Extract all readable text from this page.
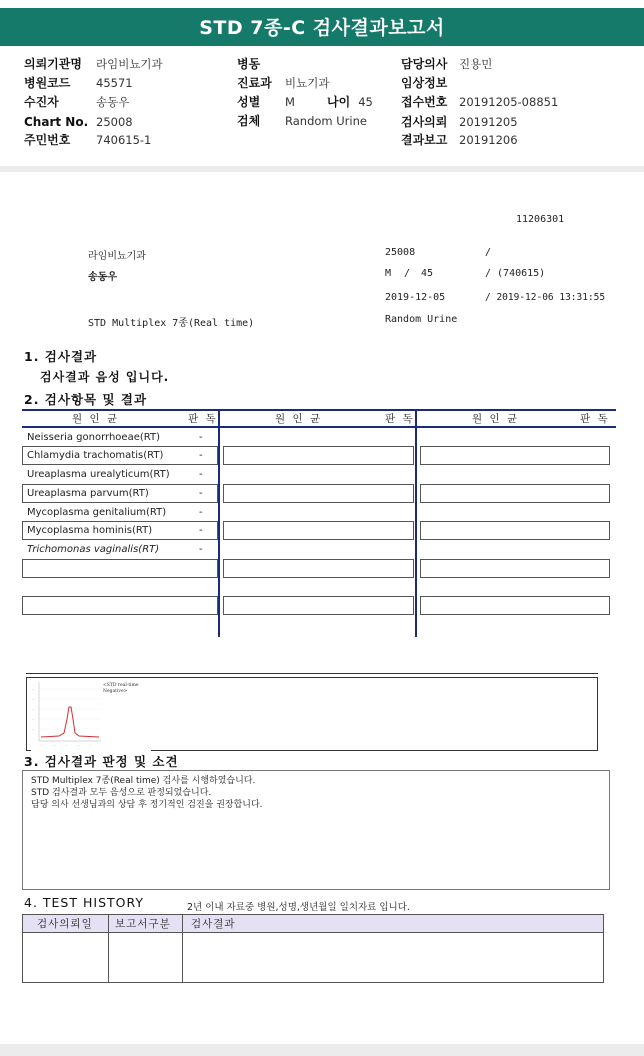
STD 7종-C 검사결과보고서
의뢰기관명 라임비뇨기과
병원코드 45571
수진자	송동우
Chart No. 25008
주민번호 740615-1
병동
진료과 비뇨기과
성별 M	나이 45
검체 Random Urine
담당의사 진용민
임상정보
접수번호 20191205-08851
검사의뢰 20191205
결과보고 20191206
11206301
라임비뇨기과	25008	/
송동우	M / 45	/ (740615)
2019-12-05	/ 2019-12-06 13:31:55
STD Multiplex 7종(Real time)	Random Urine
1. 검사결과
검사결과 음성 입니다.
2. 검사항목 및 결과
원 인 균	판 독	원 인 균	판 독	원 인 균	판 독
Neisseria gonorrhoeae(RT)	-
Chlamydia trachomatis(RT)	-
Ureaplasma urealyticum(RT)	-
Ureaplasma parvum(RT)	-
Mycoplasma genitalium(RT)	-
Mycoplasma hominis(RT)	-
Trichomonas vaginalis(RT)	-
—
—
—
—
—
—	—	—	—	—
<STD real-time
Negative>
3. 검사결과 판정 및 소견
STD Multiplex 7종(Real time) 검사를 시행하였습니다.
STD 검사결과 모두 음성으로 판정되었습니다.
담당 의사 선생님과의 상담 후 정기적인 검진을 권장합니다.
4. TEST HISTORY	2년 이내 자료중 병원,성명,생년월일 일치자료 입니다.
검사의뢰일 보고서구분 검사결과
